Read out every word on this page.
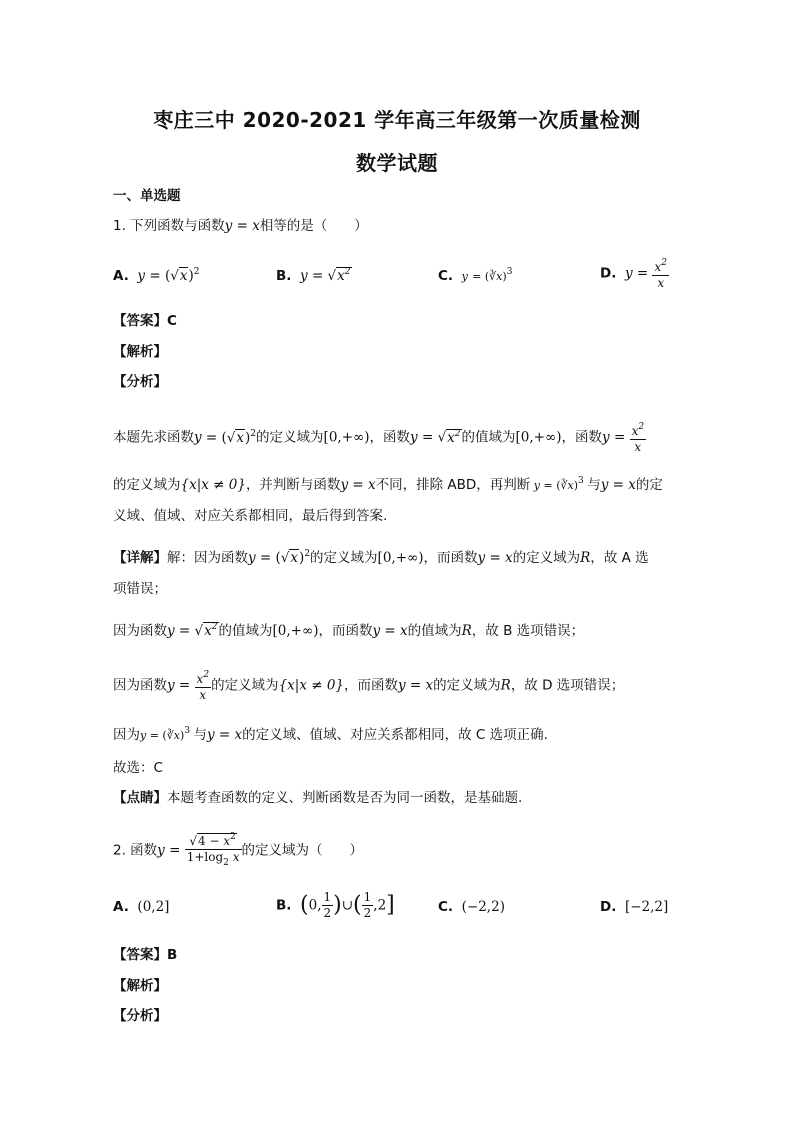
枣庄三中 2020-2021 学年高三年级第一次质量检测
数学试题
一、单选题
1. 下列函数与函数y = x相等的是（　　）
A. $y = (√x)^2$	B. $y = √x^2$	C. y = (∛x)$^3$	D. $y = \frac{x^2}{x}$
【答案】C
【解析】
【分析】
本题先求函数$y = (√x)^2$的定义域为[0,+∞)，函数$y = √x^2$的值域为[0,+∞)，函数$y = \frac{x^2}{x}$
的定义域为{x|x ≠ 0}，并判断与函数y = x不同，排除 ABD，再判断 y = (∛x)$^3$ 与y = x的定
义域、值域、对应关系都相同，最后得到答案.
【详解】解：因为函数$y = (√x)^2$的定义域为[0,+∞)，而函数y = x的定义域为R，故 A 选
项错误；
因为函数$y = √x^2$的值域为[0,+∞)，而函数y = x的值域为R，故 B 选项错误；
因为函数$y = \frac{x^2}{x}$ 的定义域为{x|x ≠ 0}，而函数y = x的定义域为R，故 D 选项错误；
因为y = (∛x)$^3$ 与y = x的定义域、值域、对应关系都相同，故 C 选项正确.
故选：C
【点睛】本题考查函数的定义、判断函数是否为同一函数，是基础题.
2. 函数$y = \frac{√4 - x^2}{1+\log_2 x}$ 的定义域为（　　）
A. (0,2]	B. (0, $\frac{1}{2}$ )∪( $\frac{1}{2} ,2$]	C. (−2,2)	D. [−2,2]
【答案】B
【解析】
【分析】
